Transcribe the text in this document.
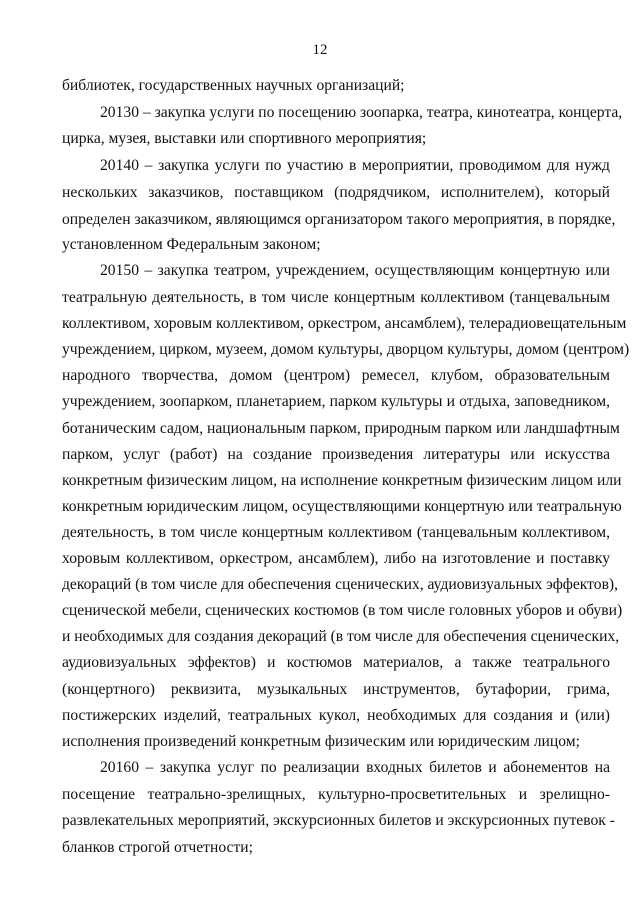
12
библиотек, государственных научных организаций;
20130 – закупка услуги по посещению зоопарка, театра, кинотеатра, концерта,
цирка, музея, выставки или спортивного мероприятия;
20140 – закупка услуги по участию в мероприятии, проводимом для нужд
нескольких заказчиков, поставщиком (подрядчиком, исполнителем), который
определен заказчиком, являющимся организатором такого мероприятия, в порядке,
установленном Федеральным законом;
20150 – закупка театром, учреждением, осуществляющим концертную или
театральную деятельность, в том числе концертным коллективом (танцевальным
коллективом, хоровым коллективом, оркестром, ансамблем), телерадиовещательным
учреждением, цирком, музеем, домом культуры, дворцом культуры, домом (центром)
народного творчества, домом (центром) ремесел, клубом, образовательным
учреждением, зоопарком, планетарием, парком культуры и отдыха, заповедником,
ботаническим садом, национальным парком, природным парком или ландшафтным
парком, услуг (работ) на создание произведения литературы или искусства
конкретным физическим лицом, на исполнение конкретным физическим лицом или
конкретным юридическим лицом, осуществляющими концертную или театральную
деятельность, в том числе концертным коллективом (танцевальным коллективом,
хоровым коллективом, оркестром, ансамблем), либо на изготовление и поставку
декораций (в том числе для обеспечения сценических, аудиовизуальных эффектов),
сценической мебели, сценических костюмов (в том числе головных уборов и обуви)
и необходимых для создания декораций (в том числе для обеспечения сценических,
аудиовизуальных эффектов) и костюмов материалов, а также театрального
(концертного) реквизита, музыкальных инструментов, бутафории, грима,
постижерских изделий, театральных кукол, необходимых для создания и (или)
исполнения произведений конкретным физическим или юридическим лицом;
20160 – закупка услуг по реализации входных билетов и абонементов на
посещение театрально-зрелищных, культурно-просветительных и зрелищно-
развлекательных мероприятий, экскурсионных билетов и экскурсионных путевок -
бланков строгой отчетности;
